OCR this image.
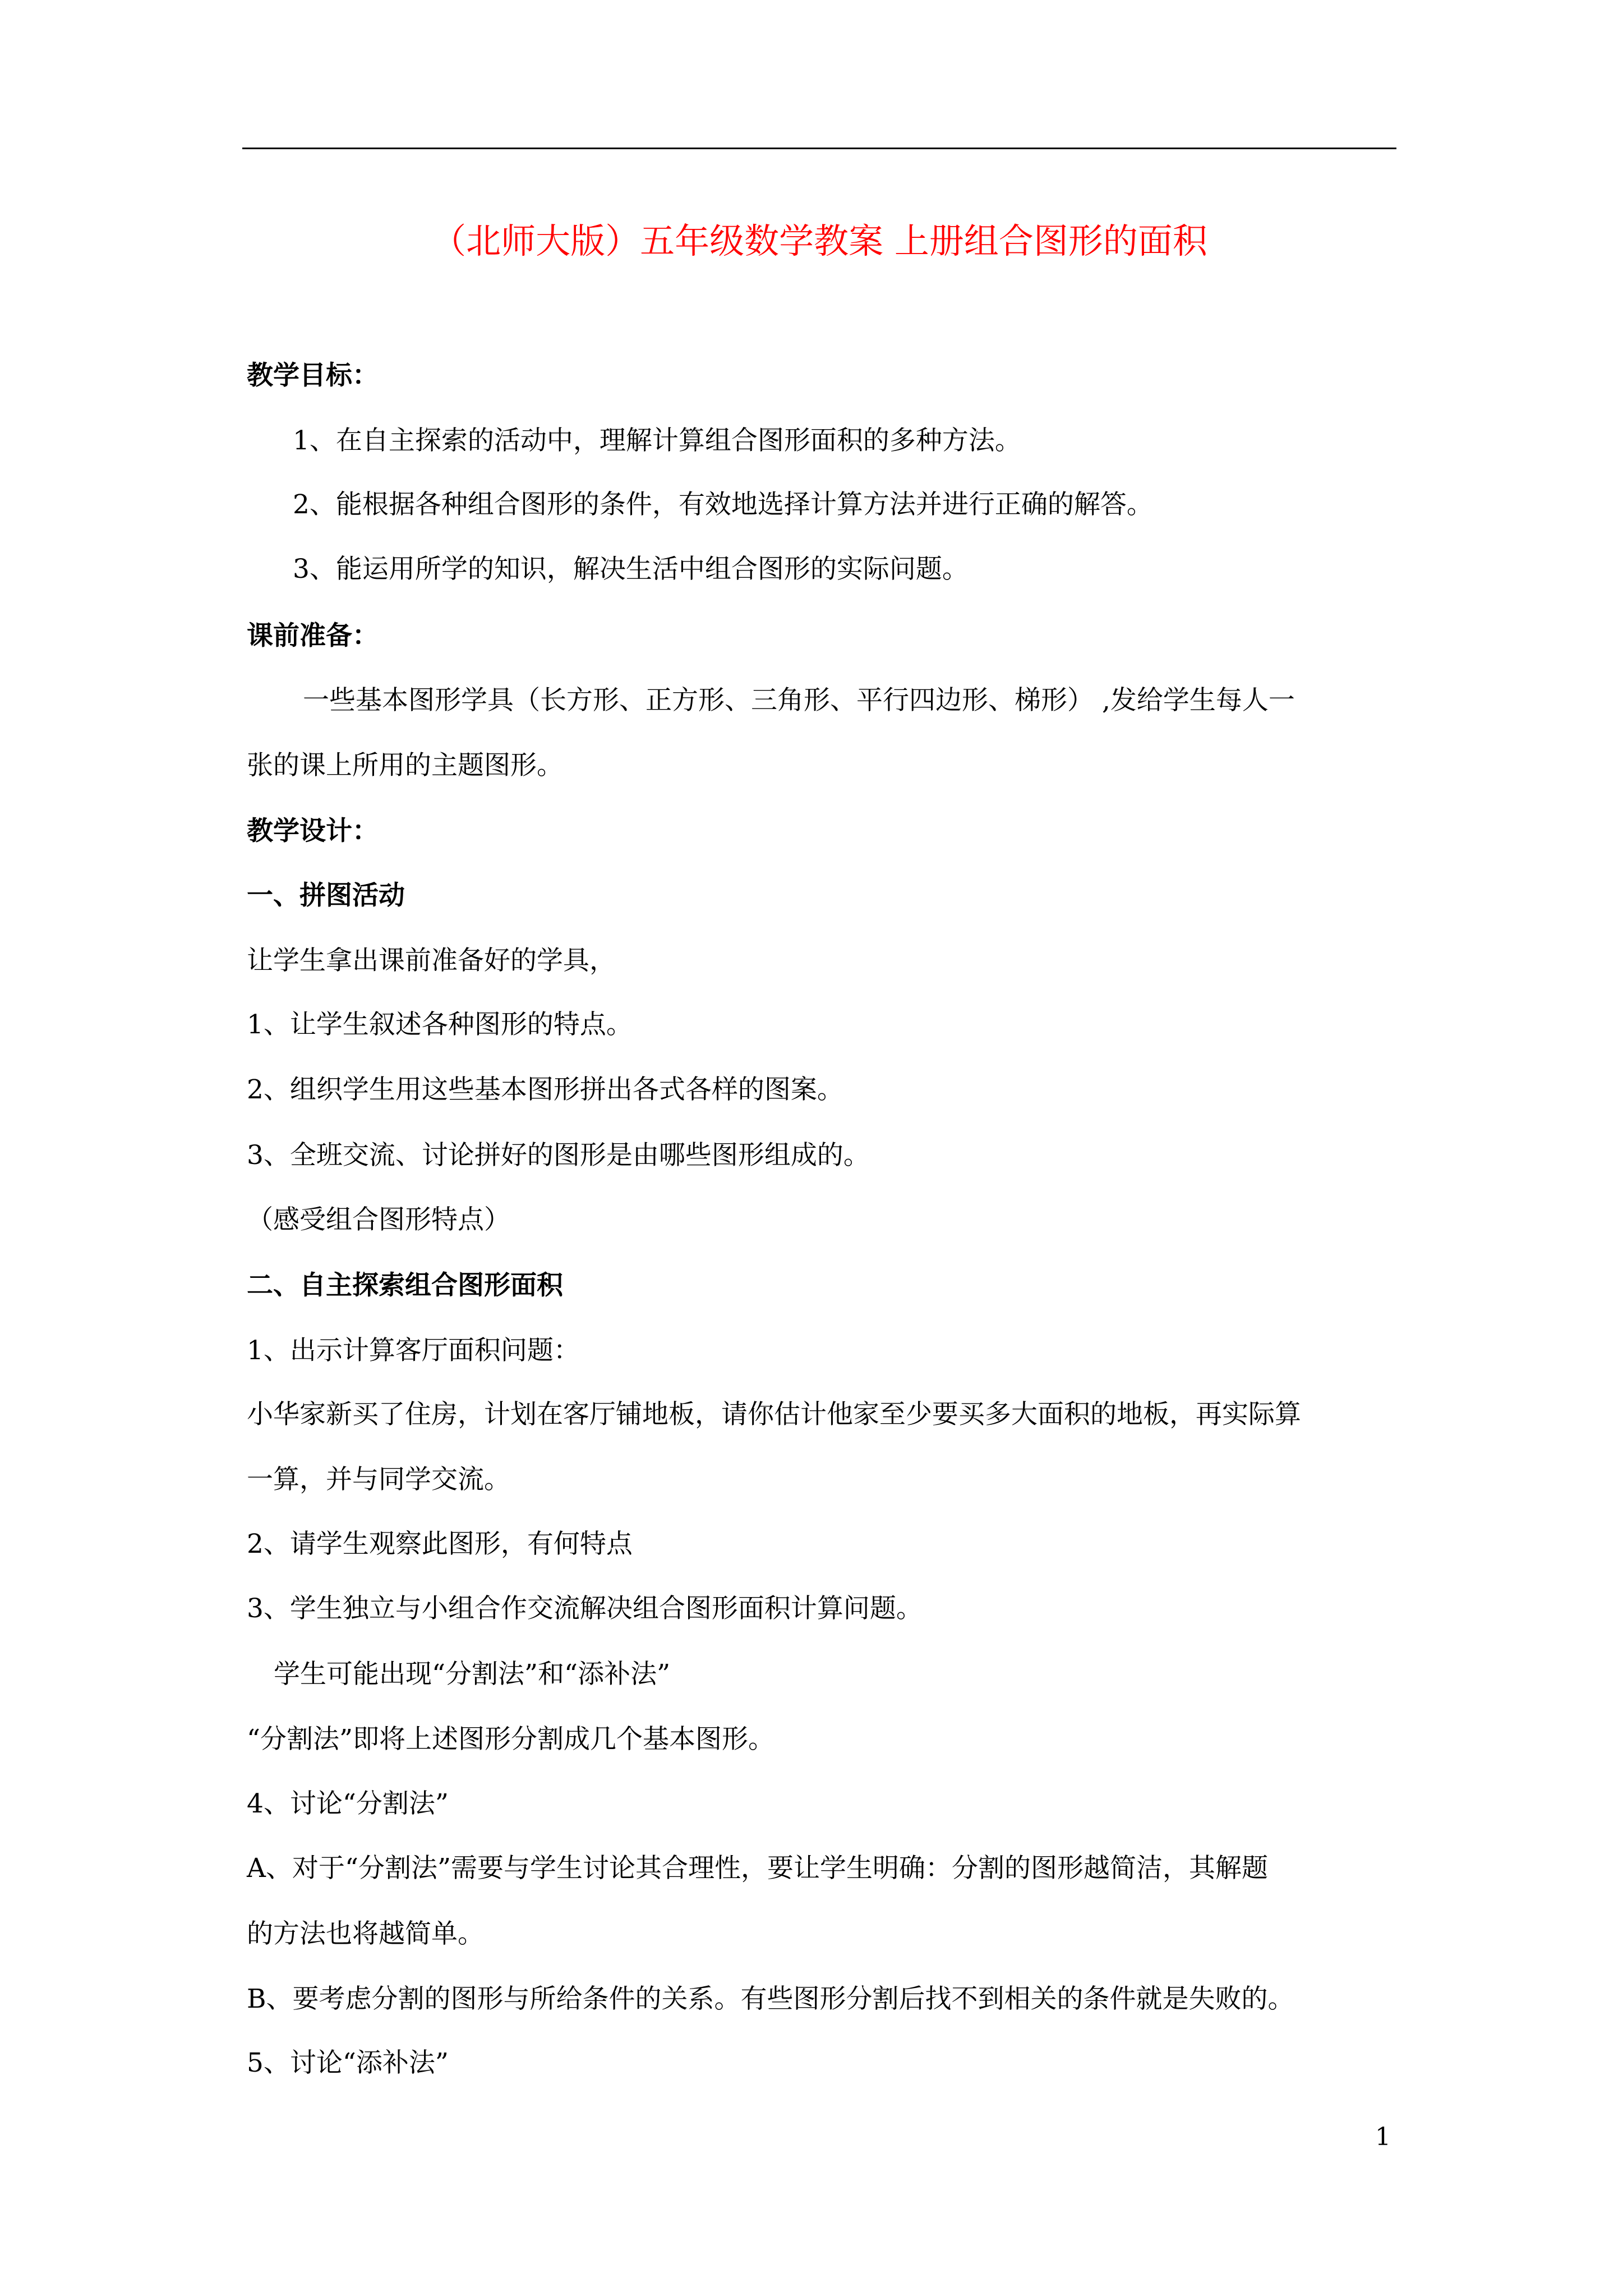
（北师大版）五年级数学教案 上册组合图形的面积
教学目标：
1、在自主探索的活动中，理解计算组合图形面积的多种方法。
2、能根据各种组合图形的条件，有效地选择计算方法并进行正确的解答。
3、能运用所学的知识，解决生活中组合图形的实际问题。
课前准备：
一些基本图形学具（长方形、正方形、三角形、平行四边形、梯形） ,发给学生每人一
张的课上所用的主题图形。
教学设计：
一、拼图活动
让学生拿出课前准备好的学具，
1、让学生叙述各种图形的特点。
2、组织学生用这些基本图形拼出各式各样的图案。
3、全班交流、讨论拼好的图形是由哪些图形组成的。
（感受组合图形特点）
二、自主探索组合图形面积
1、出示计算客厅面积问题：
小华家新买了住房，计划在客厅铺地板，请你估计他家至少要买多大面积的地板，再实际算
一算，并与同学交流。
2、请学生观察此图形，有何特点
3、学生独立与小组合作交流解决组合图形面积计算问题。
学生可能出现“分割法”和“添补法”
“分割法”即将上述图形分割成几个基本图形。
4、讨论“分割法”
A、对于“分割法”需要与学生讨论其合理性，要让学生明确：分割的图形越简洁，其解题
的方法也将越简单。
B、要考虑分割的图形与所给条件的关系。有些图形分割后找不到相关的条件就是失败的。
5、讨论“添补法”
1
